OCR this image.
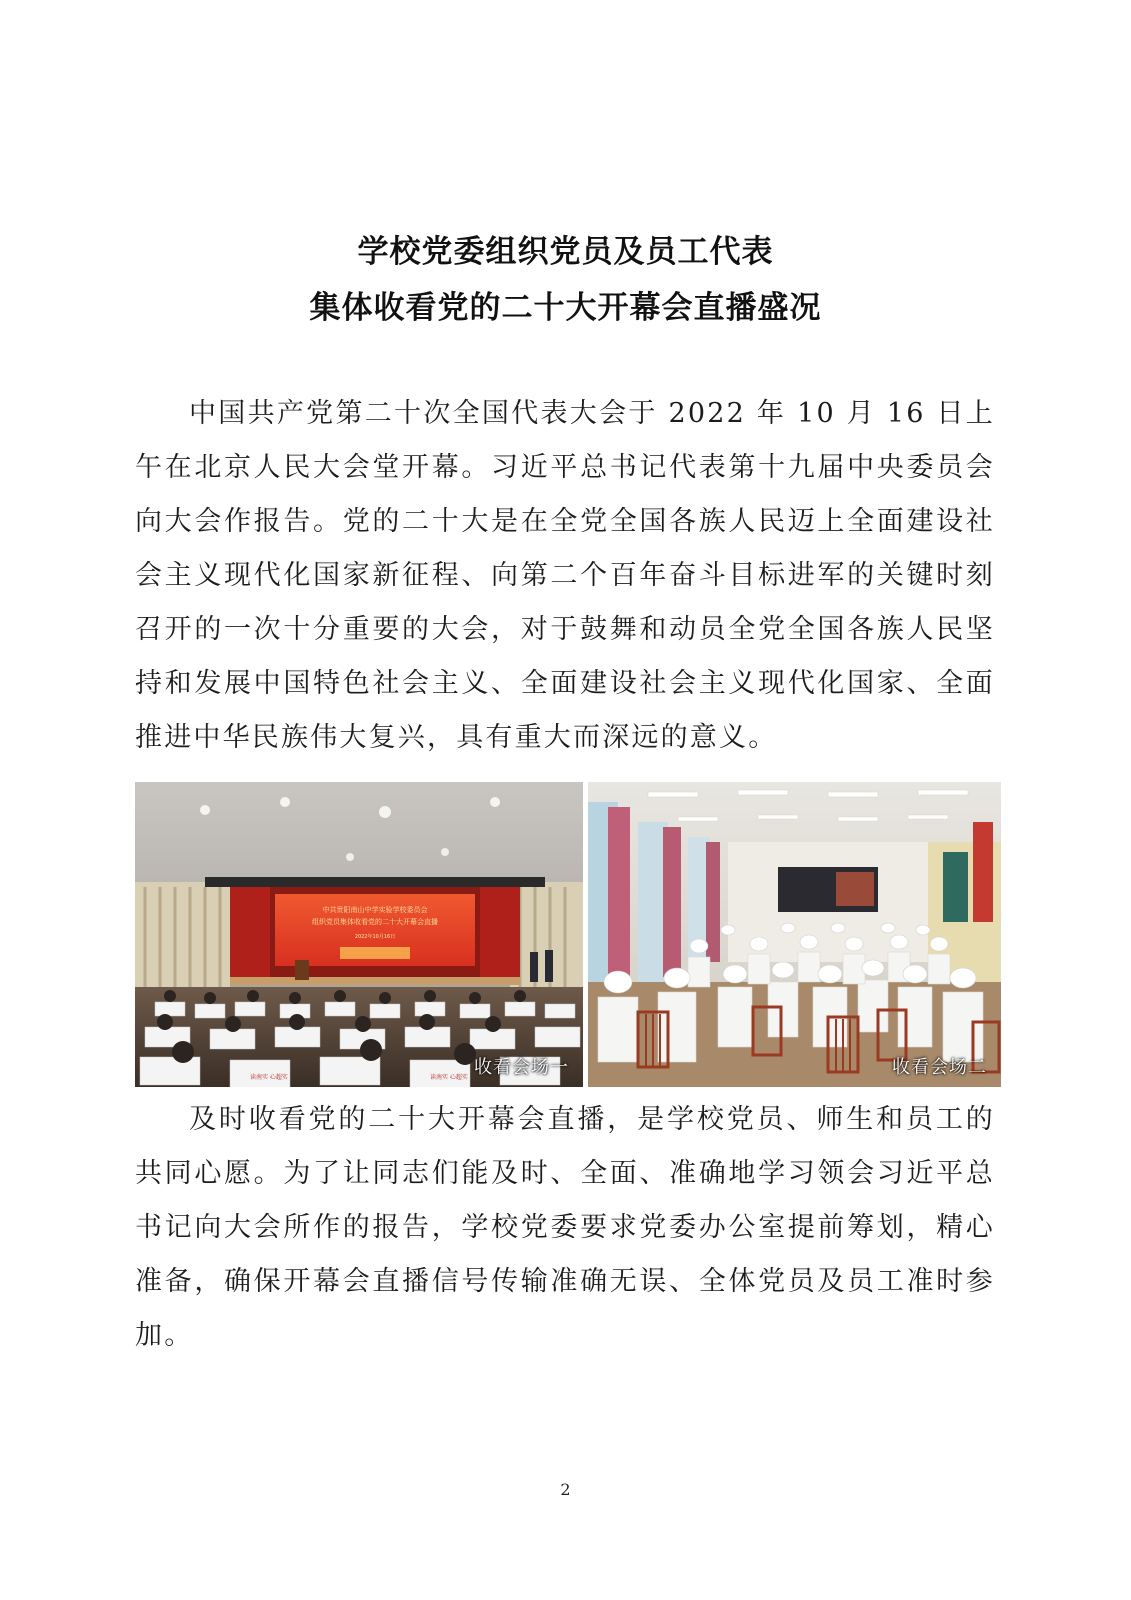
学校党委组织党员及员工代表
集体收看党的二十大开幕会直播盛况

中国共产党第二十次全国代表大会于 2022 年 10 月 16 日上午在北京人民大会堂开幕。习近平总书记代表第十九届中央委员会向大会作报告。党的二十大是在全党全国各族人民迈上全面建设社会主义现代化国家新征程、向第二个百年奋斗目标进军的关键时刻召开的一次十分重要的大会，对于鼓舞和动员全党全国各族人民坚持和发展中国特色社会主义、全面建设社会主义现代化国家、全面推进中华民族伟大复兴，具有重大而深远的意义。

中共贵阳南山中学实验学校委员会
组织党员集体收看党的二十大开幕会直播
2022年10月16日
读南实 心超实	读南实 心超实 收看会场一	收看会场二

及时收看党的二十大开幕会直播，是学校党员、师生和员工的共同心愿。为了让同志们能及时、全面、准确地学习领会习近平总书记向大会所作的报告，学校党委要求党委办公室提前筹划，精心准备，确保开幕会直播信号传输准确无误、全体党员及员工准时参加。

2
